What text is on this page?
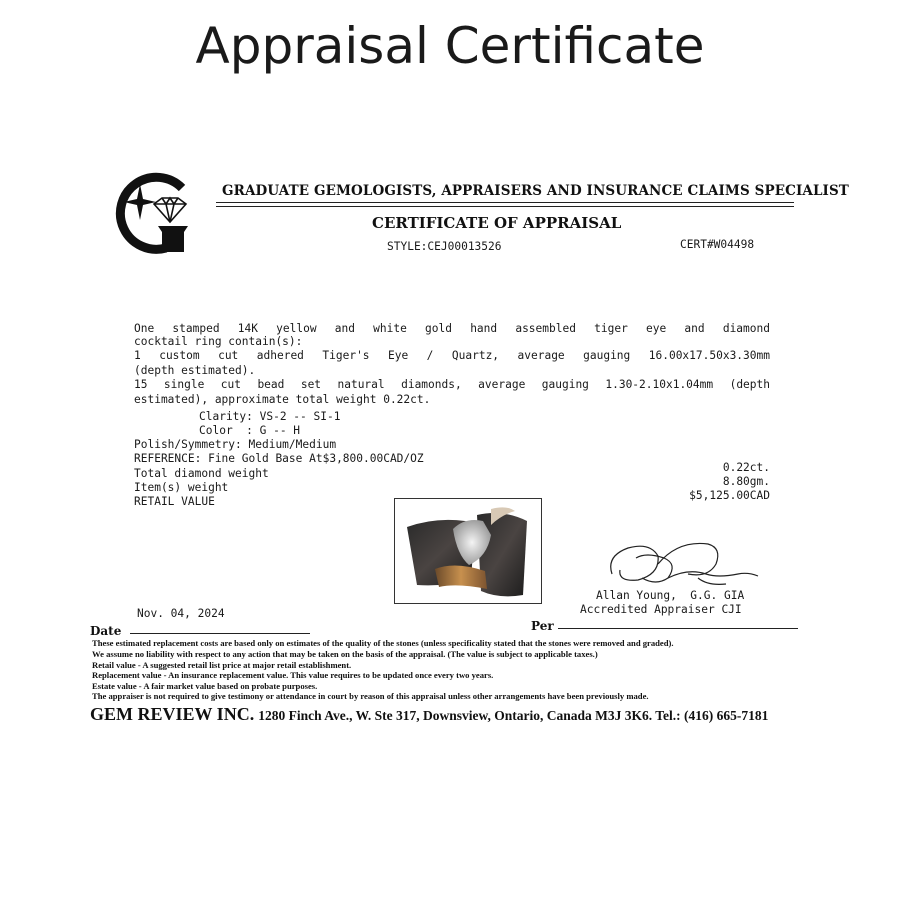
Appraisal Certificate
GRADUATE GEMOLOGISTS, APPRAISERS AND INSURANCE CLAIMS SPECIALIST
CERTIFICATE OF APPRAISAL
STYLE:CEJ00013526	CERT#W04498
One stamped 14K yellow and white gold hand assembled tiger eye and diamond
cocktail ring contain(s):
1 custom cut adhered Tiger's Eye / Quartz, average gauging 16.00x17.50x3.30mm
(depth estimated).
15 single cut bead set natural diamonds, average gauging 1.30-2.10x1.04mm (depth
estimated), approximate total weight 0.22ct.
Clarity: VS-2 -- SI-1
Color  : G -- H
Polish/Symmetry: Medium/Medium
REFERENCE: Fine Gold Base At$3,800.00CAD/OZ
Total diamond weight	0.22ct.
Item(s) weight	8.80gm.
RETAIL VALUE	$5,125.00CAD
Allan Young,  G.G. GIA
Accredited Appraiser CJI
Nov. 04, 2024
Date	Per
These estimated replacement costs are based only on estimates of the quality of the stones (unless specificality stated that the stones were removed and graded).
We assume no liability with respect to any action that may be taken on the basis of the appraisal. (The value is subject to applicable taxes.)
Retail value - A suggested retail list price at major retail establishment.
Replacement value - An insurance replacement value. This value requires to be updated once every two years.
Estate value - A fair market value based on probate purposes.
The appraiser is not required to give testimony or attendance in court by reason of this appraisal unless other arrangements have been previously made.
GEM REVIEW INC. 1280 Finch Ave., W. Ste 317, Downsview, Ontario, Canada M3J 3K6. Tel.: (416) 665-7181
